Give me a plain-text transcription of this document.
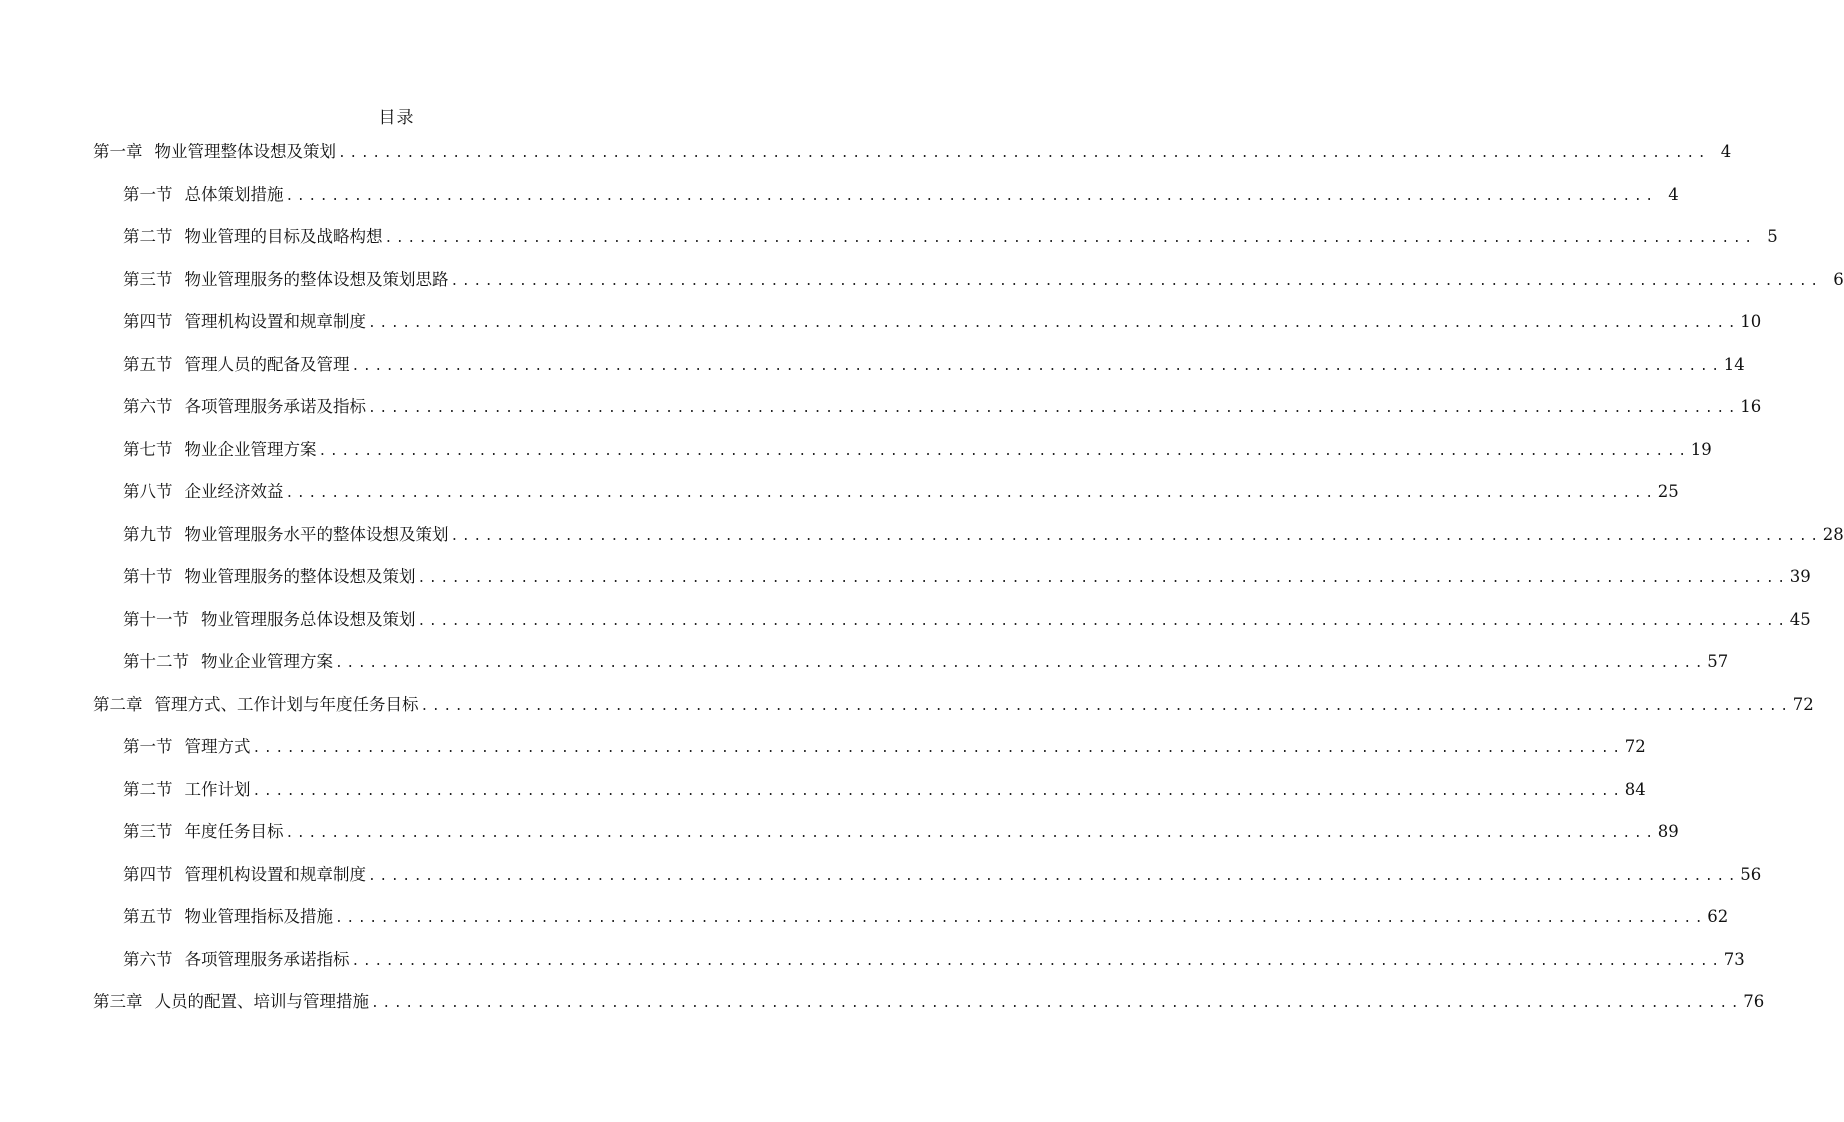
目录
第一章 物业管理整体设想及策划 ........................................................................................................................ 4
第一节 总体策划措施 ........................................................................................................................ 4
第二节 物业管理的目标及战略构想 ........................................................................................................................ 5
第三节 物业管理服务的整体设想及策划思路 ........................................................................................................................ 6
第四节 管理机构设置和规章制度 ........................................................................................................................ 10
第五节 管理人员的配备及管理 ........................................................................................................................ 14
第六节 各项管理服务承诺及指标 ........................................................................................................................ 16
第七节 物业企业管理方案 ........................................................................................................................ 19
第八节 企业经济效益 ........................................................................................................................ 25
第九节 物业管理服务水平的整体设想及策划 ........................................................................................................................ 28
第十节 物业管理服务的整体设想及策划 ........................................................................................................................ 39
第十一节 物业管理服务总体设想及策划 ........................................................................................................................ 45
第十二节 物业企业管理方案 ........................................................................................................................ 57
第二章 管理方式、工作计划与年度任务目标 ........................................................................................................................ 72
第一节 管理方式 ........................................................................................................................ 72
第二节 工作计划 ........................................................................................................................ 84
第三节 年度任务目标 ........................................................................................................................ 89
第四节 管理机构设置和规章制度 ........................................................................................................................ 56
第五节 物业管理指标及措施 ........................................................................................................................ 62
第六节 各项管理服务承诺指标 ........................................................................................................................ 73
第三章 人员的配置、培训与管理措施 ........................................................................................................................ 76
